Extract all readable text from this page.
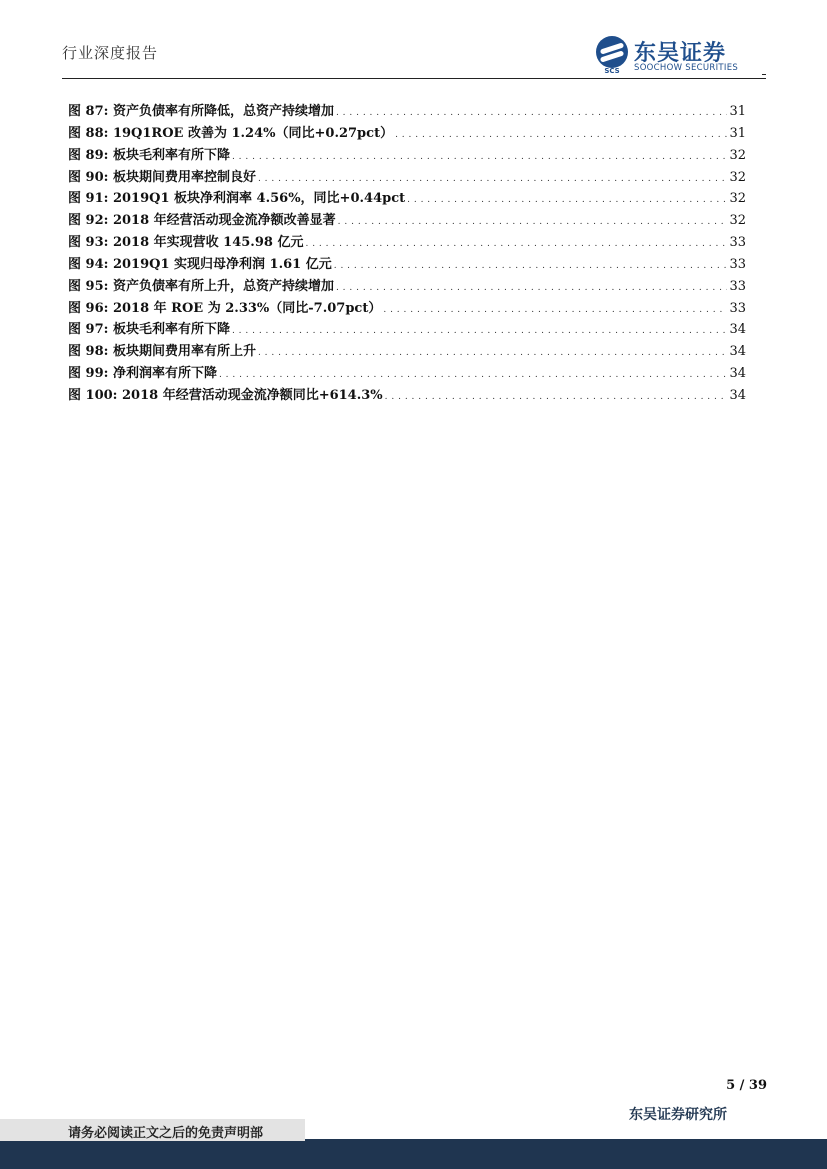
行业深度报告
SCS
东吴证券
SOOCHOW SECURITIES
图 87: 资产负债率有所降低，总资产持续增加 . . .	31
图 88: 19Q1ROE 改善为 1.24%（同比+0.27pct） . . .	31
图 89: 板块毛利率有所下降 . . .	32
图 90: 板块期间费用率控制良好 . . .	32
图 91: 2019Q1 板块净利润率 4.56%，同比+0.44pct . . .	32
图 92: 2018 年经营活动现金流净额改善显著 . . .	32
图 93: 2018 年实现营收 145.98 亿元 . . .	33
图 94: 2019Q1 实现归母净利润 1.61 亿元 . . .	33
图 95: 资产负债率有所上升，总资产持续增加 . . .	33
图 96: 2018 年 ROE 为 2.33%（同比-7.07pct） . . .	33
图 97: 板块毛利率有所下降 . . .	34
图 98: 板块期间费用率有所上升 . . .	34
图 99: 净利润率有所下降 . . .	34
图 100: 2018 年经营活动现金流净额同比+614.3% . . .	34
5 / 39
请务必阅读正文之后的免责声明部
东吴证券研究所
